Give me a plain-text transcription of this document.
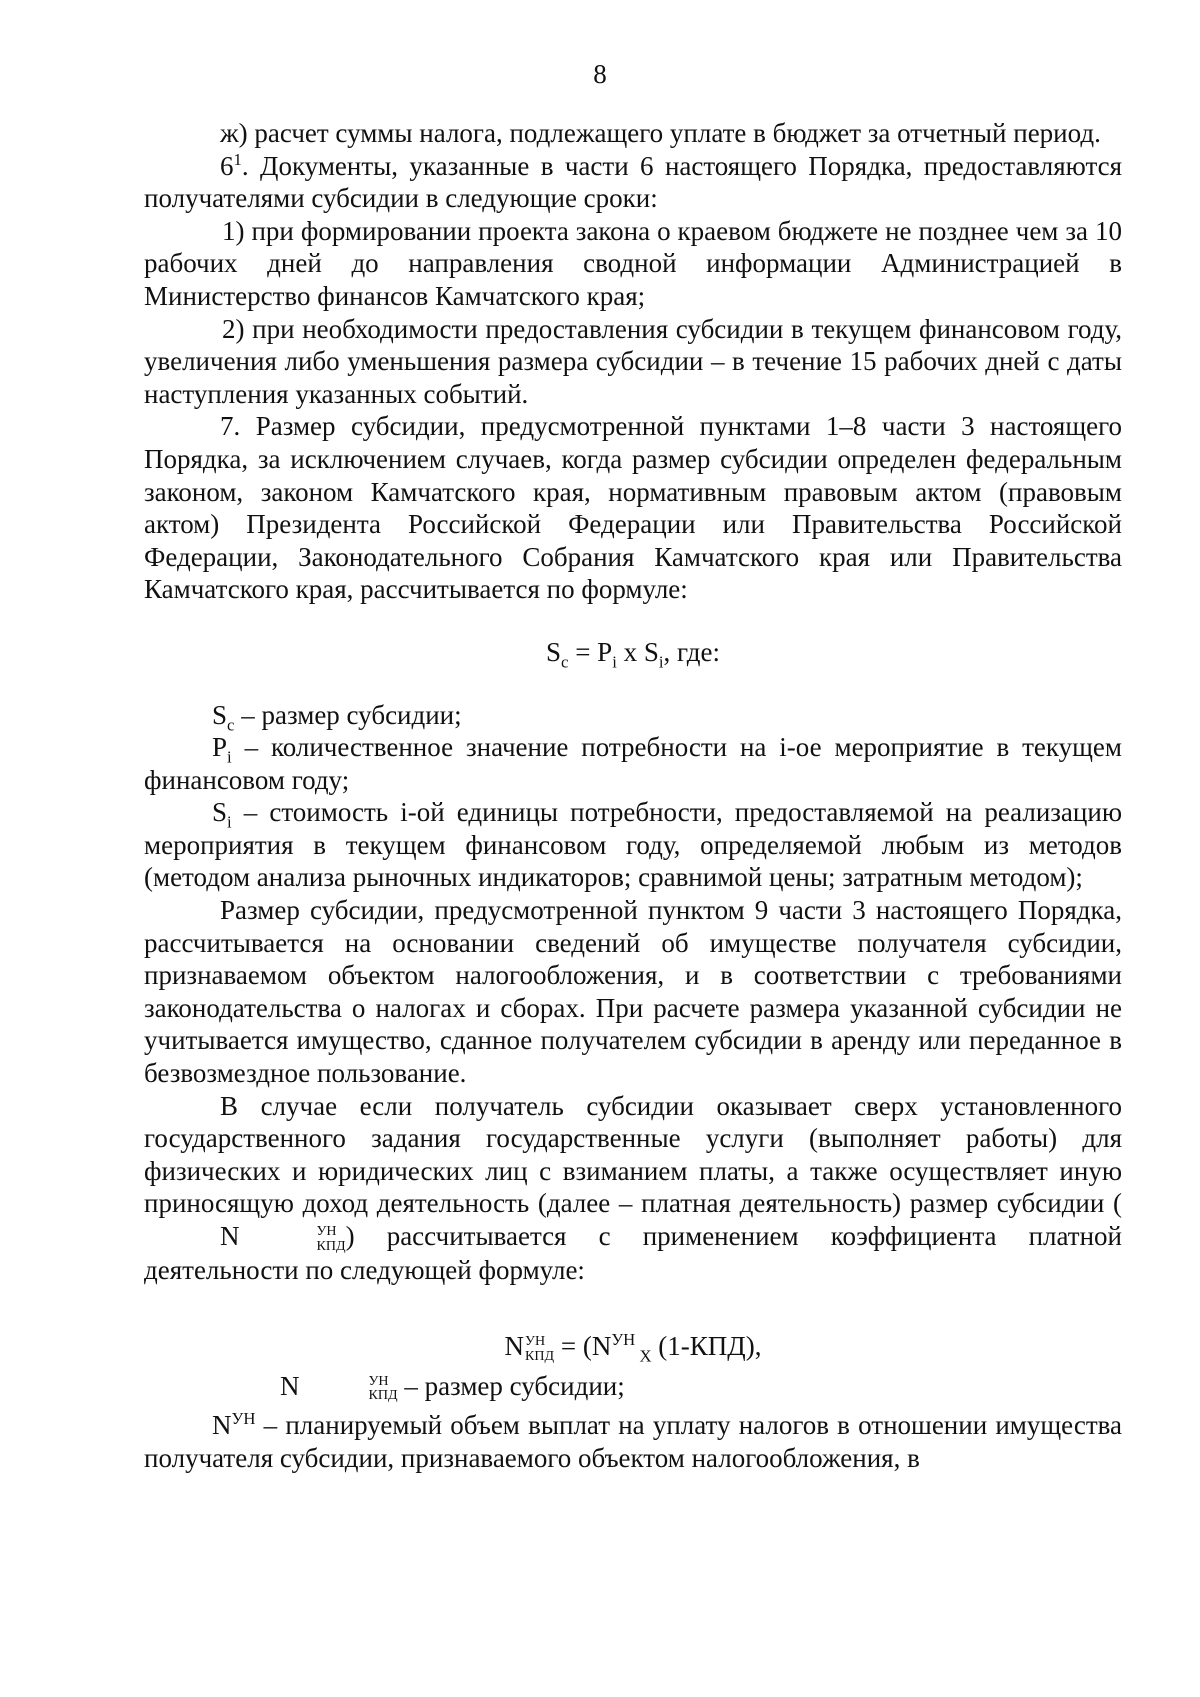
8

ж) расчет суммы налога, подлежащего уплате в бюджет за отчетный период.

$6^1$. Документы, указанные в части 6 настоящего Порядка, предоставляются получателями субсидии в следующие сроки:

1) при формировании проекта закона о краевом бюджете не позднее чем за 10 рабочих дней до направления сводной информации Администрацией в Министерство финансов Камчатского края;

2) при необходимости предоставления субсидии в текущем финансовом году, увеличения либо уменьшения размера субсидии – в течение 15 рабочих дней с даты наступления указанных событий.

7. Размер субсидии, предусмотренной пунктами 1–8 части 3 настоящего Порядка, за исключением случаев, когда размер субсидии определен федеральным законом, законом Камчатского края, нормативным правовым актом (правовым актом) Президента Российской Федерации или Правительства Российской Федерации, Законодательного Собрания Камчатского края или Правительства Камчатского края, рассчитывается по формуле:

$S_c = P_i$ x $S_i$, где:

$S_c$ – размер субсидии;

$P_i$ – количественное значение потребности на i-ое мероприятие в текущем финансовом году;

$S_i$ – стоимость i-ой единицы потребности, предоставляемой на реализацию мероприятия в текущем финансовом году, определяемой любым из методов (методом анализа рыночных индикаторов; сравнимой цены; затратным методом);

Размер субсидии, предусмотренной пунктом 9 части 3 настоящего Порядка, рассчитывается на основании сведений об имуществе получателя субсидии, признаваемом объектом налогообложения, и в соответствии с требованиями законодательства о налогах и сборах. При расчете размера указанной субсидии не учитывается имущество, сданное получателем субсидии в аренду или переданное в безвозмездное пользование.

В случае если получатель субсидии оказывает сверх установленного государственного задания государственные услуги (выполняет работы) для физических и юридических лиц с взиманием платы, а также осуществляет иную приносящую доход деятельность (далее – платная деятельность) размер субсидии (N	УН
КПД ) рассчитывается с применением коэффициента платной деятельности по следующей формуле:

N УН
КПД = ($N^{УН}$ $_X$ (1-КПД),

N	УН
КПД – размер субсидии;

$N^{УН}$ – планируемый объем выплат на уплату налогов в отношении имущества получателя субсидии, признаваемого объектом налогообложения, в
